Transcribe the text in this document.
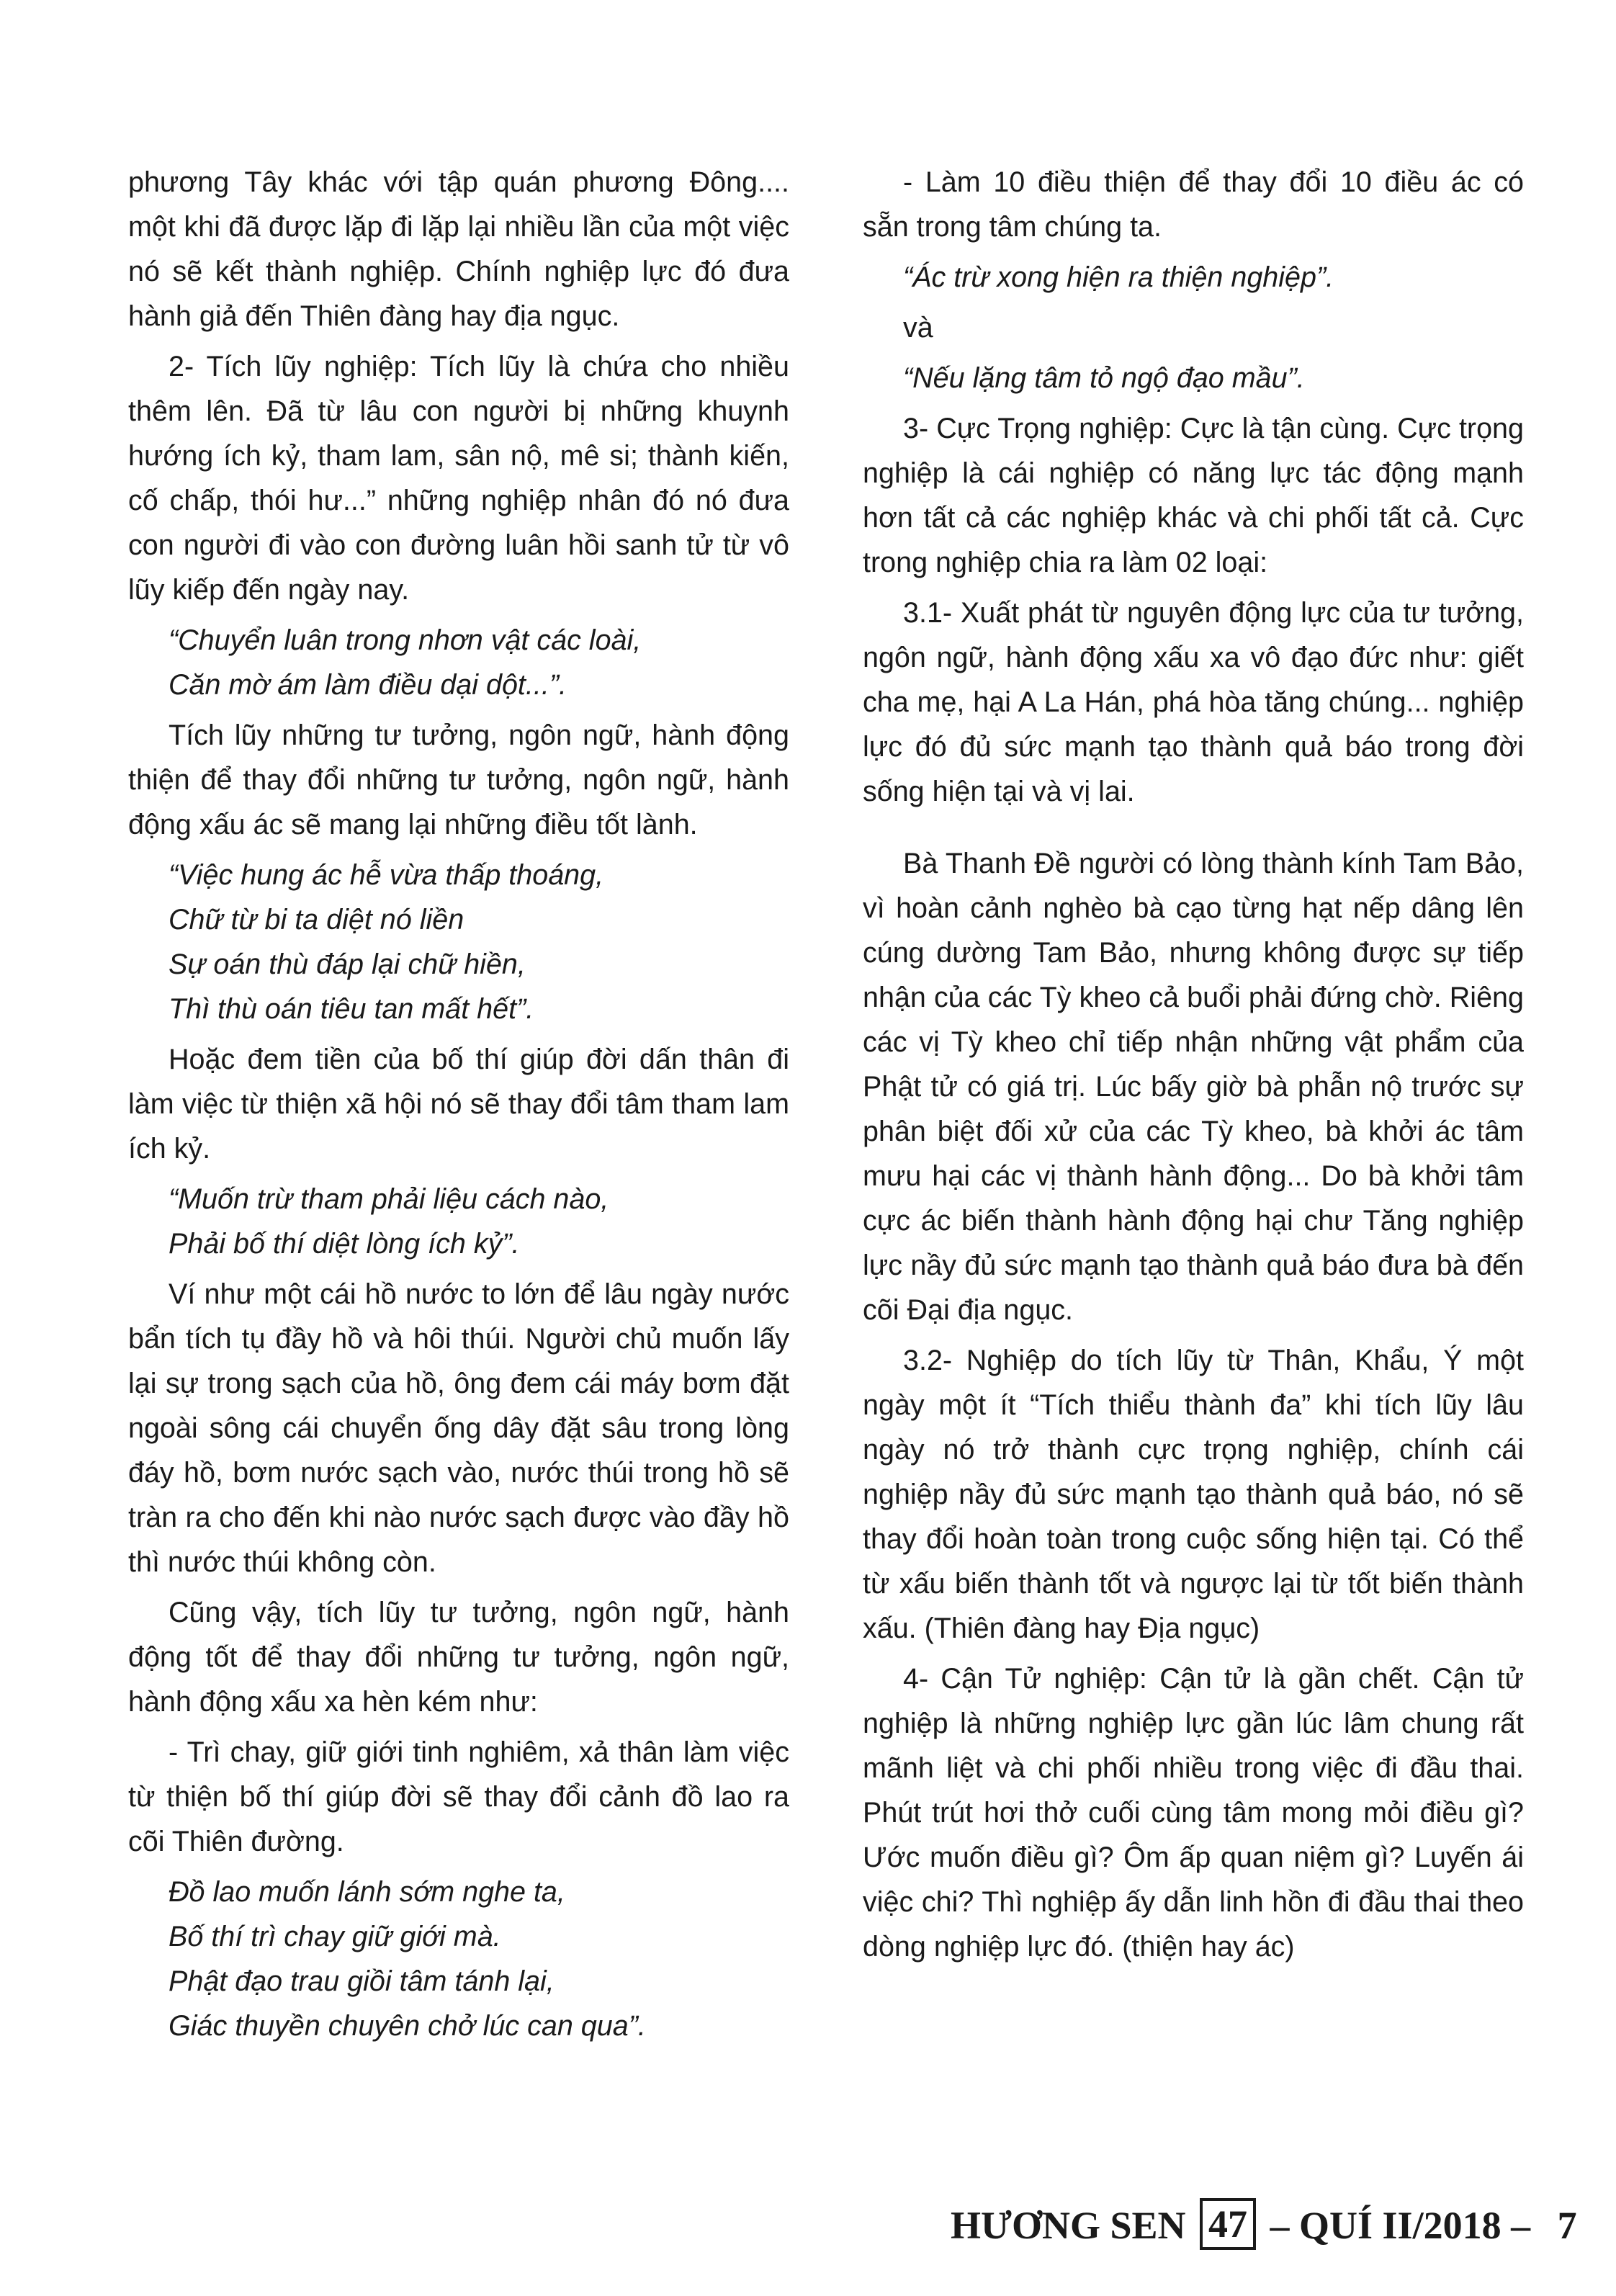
phương Tây khác với tập quán phương Đông.... một khi đã được lặp đi lặp lại nhiều lần của một việc nó sẽ kết thành nghiệp. Chính nghiệp lực đó đưa hành giả đến Thiên đàng hay địa ngục.

2- Tích lũy nghiệp: Tích lũy là chứa cho nhiều thêm lên. Đã từ lâu con người bị những khuynh hướng ích kỷ, tham lam, sân nộ, mê si; thành kiến, cố chấp, thói hư...” những nghiệp nhân đó nó đưa con người đi vào con đường luân hồi sanh tử từ vô lũy kiếp đến ngày nay.

“Chuyển luân trong nhơn vật các loài,
Căn mờ ám làm điều dại dột...”.

Tích lũy những tư tưởng, ngôn ngữ, hành động thiện để thay đổi những tư tưởng, ngôn ngữ, hành động xấu ác sẽ mang lại những điều tốt lành.

“Việc hung ác hễ vừa thấp thoáng,
Chữ từ bi ta diệt nó liền
Sự oán thù đáp lại chữ hiền,
Thì thù oán tiêu tan mất hết”.

Hoặc đem tiền của bố thí giúp đời dấn thân đi làm việc từ thiện xã hội nó sẽ thay đổi tâm tham lam ích kỷ.

“Muốn trừ tham phải liệu cách nào,
Phải bố thí diệt lòng ích kỷ”.

Ví như một cái hồ nước to lớn để lâu ngày nước bẩn tích tụ đầy hồ và hôi thúi. Người chủ muốn lấy lại sự trong sạch của hồ, ông đem cái máy bơm đặt ngoài sông cái chuyển ống dây đặt sâu trong lòng đáy hồ, bơm nước sạch vào, nước thúi trong hồ sẽ tràn ra cho đến khi nào nước sạch được vào đầy hồ thì nước thúi không còn.

Cũng vậy, tích lũy tư tưởng, ngôn ngữ, hành động tốt để thay đổi những tư tưởng, ngôn ngữ, hành động xấu xa hèn kém như:

- Trì chay, giữ giới tinh nghiêm, xả thân làm việc từ thiện bố thí giúp đời sẽ thay đổi cảnh đồ lao ra cõi Thiên đường.

Đồ lao muốn lánh sớm nghe ta,
Bố thí trì chay giữ giới mà.
Phật đạo trau giồi tâm tánh lại,
Giác thuyền chuyên chở lúc can qua”.

- Làm 10 điều thiện để thay đổi 10 điều ác có sẵn trong tâm chúng ta.

“Ác trừ xong hiện ra thiện nghiệp”.

và

“Nếu lặng tâm tỏ ngộ đạo mầu”.

3- Cực Trọng nghiệp: Cực là tận cùng. Cực trọng nghiệp là cái nghiệp có năng lực tác động mạnh hơn tất cả các nghiệp khác và chi phối tất cả. Cực trong nghiệp chia ra làm 02 loại:

3.1- Xuất phát từ nguyên động lực của tư tưởng, ngôn ngữ, hành động xấu xa vô đạo đức như: giết cha mẹ, hại A La Hán, phá hòa tăng chúng... nghiệp lực đó đủ sức mạnh tạo thành quả báo trong đời sống hiện tại và vị lai.

Bà Thanh Đề người có lòng thành kính Tam Bảo, vì hoàn cảnh nghèo bà cạo từng hạt nếp dâng lên cúng dường Tam Bảo, nhưng không được sự tiếp nhận của các Tỳ kheo cả buổi phải đứng chờ. Riêng các vị Tỳ kheo chỉ tiếp nhận những vật phẩm của Phật tử có giá trị. Lúc bấy giờ bà phẫn nộ trước sự phân biệt đối xử của các Tỳ kheo, bà khởi ác tâm mưu hại các vị thành hành động... Do bà khởi tâm cực ác biến thành hành động hại chư Tăng nghiệp lực nầy đủ sức mạnh tạo thành quả báo đưa bà đến cõi Đại địa ngục.

3.2- Nghiệp do tích lũy từ Thân, Khẩu, Ý một ngày một ít “Tích thiểu thành đa” khi tích lũy lâu ngày nó trở thành cực trọng nghiệp, chính cái nghiệp nầy đủ sức mạnh tạo thành quả báo, nó sẽ thay đổi hoàn toàn trong cuộc sống hiện tại. Có thể từ xấu biến thành tốt và ngược lại từ tốt biến thành xấu. (Thiên đàng hay Địa ngục)

4- Cận Tử nghiệp: Cận tử là gần chết. Cận tử nghiệp là những nghiệp lực gần lúc lâm chung rất mãnh liệt và chi phối nhiều trong việc đi đầu thai. Phút trút hơi thở cuối cùng tâm mong mỏi điều gì? Ước muốn điều gì? Ôm ấp quan niệm gì? Luyến ái việc chi? Thì nghiệp ấy dẫn linh hồn đi đầu thai theo dòng nghiệp lực đó. (thiện hay ác)

HƯƠNG SEN 47 – QUÍ II/2018 – 7
